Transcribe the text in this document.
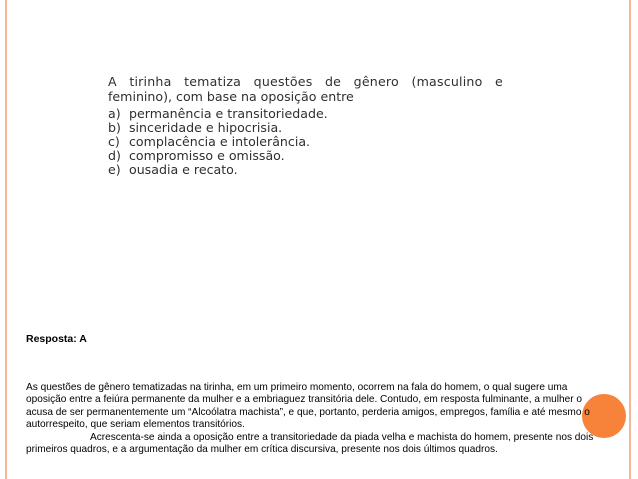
A tirinha tematiza questões de gênero (masculino e
feminino), com base na oposição entre
a) permanência e transitoriedade.
b) sinceridade e hipocrisia.
c) complacência e intolerância.
d) compromisso e omissão.
e) ousadia e recato.
Resposta: A

As questões de gênero tematizadas na tirinha, em um primeiro momento, ocorrem na fala do homem, o qual sugere uma oposição entre a feiúra permanente da mulher e a embriaguez transitória dele. Contudo, em resposta fulminante, a mulher o acusa de ser permanentemente um “Alcoólatra machista”, e que, portanto, perderia amigos, empregos, família e até mesmo o autorrespeito, que seriam elementos transitórios.

Acrescenta-se ainda a oposição entre a transitoriedade da piada velha e machista do homem, presente nos dois primeiros quadros, e a argumentação da mulher em crítica discursiva, presente nos dois últimos quadros.
